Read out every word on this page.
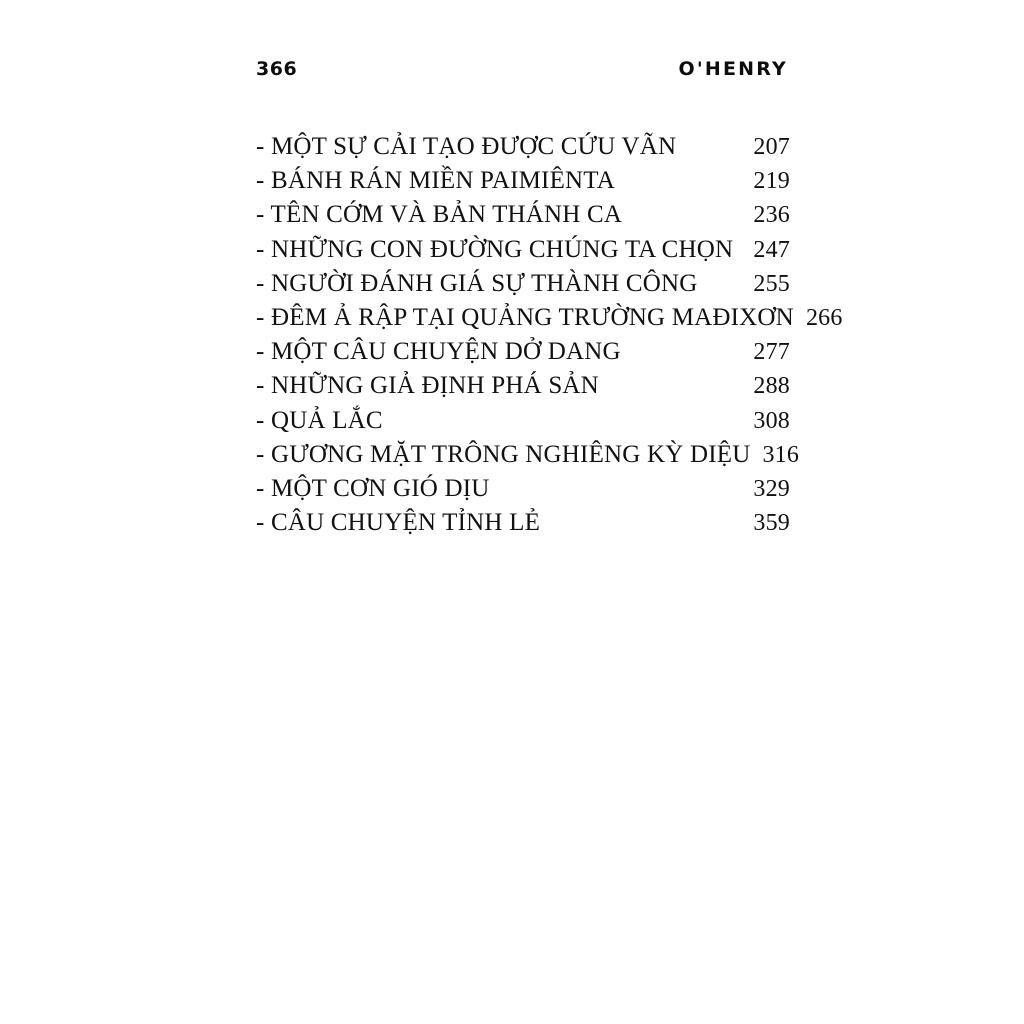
366	O'HENRY
- MỘT SỰ CẢI TẠO ĐƯỢC CỨU VÃN	207
- BÁNH RÁN MIỀN PAIMIÊNTA	219
- TÊN CỚM VÀ BẢN THÁNH CA	236
- NHỮNG CON ĐƯỜNG CHÚNG TA CHỌN 247
- NGƯỜI ĐÁNH GIÁ SỰ THÀNH CÔNG	255
- ĐÊM Ả RẬP TẠI QUẢNG TRƯỜNG MAĐIXƠN 266
- MỘT CÂU CHUYỆN DỞ DANG	277
- NHỮNG GIẢ ĐỊNH PHÁ SẢN	288
- QUẢ LẮC	308
- GƯƠNG MẶT TRÔNG NGHIÊNG KỲ DIỆU 316
- MỘT CƠN GIÓ DỊU	329
- CÂU CHUYỆN TỈNH LẺ	359
